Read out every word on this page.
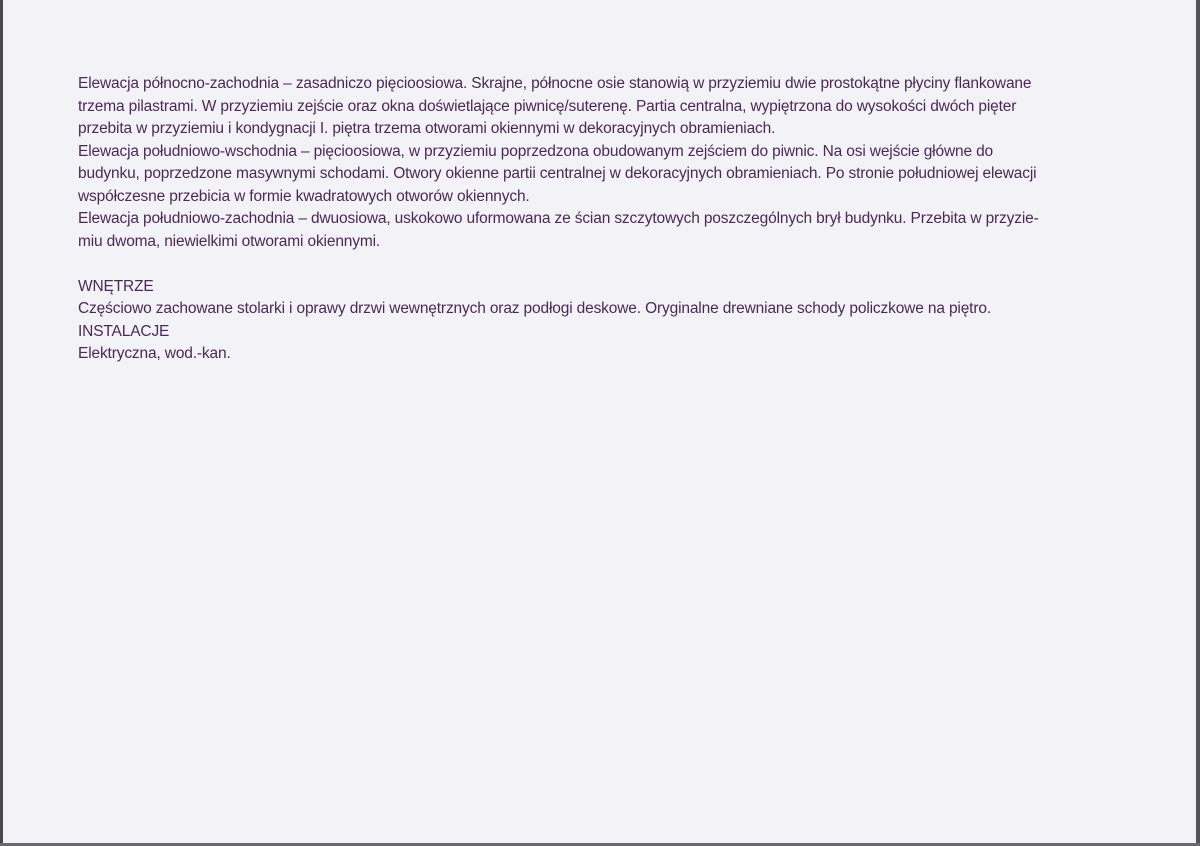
Elewacja północno-zachodnia – zasadniczo pięcioosiowa. Skrajne, północne osie stanowią w przyziemiu dwie prostokątne płyciny flankowane

trzema pilastrami. W przyziemiu zejście oraz okna doświetlające piwnicę/suterenę. Partia centralna, wypiętrzona do wysokości dwóch pięter

przebita w przyziemiu i kondygnacji I. piętra trzema otworami okiennymi w dekoracyjnych obramieniach.

Elewacja południowo-wschodnia – pięcioosiowa, w przyziemiu poprzedzona obudowanym zejściem do piwnic. Na osi wejście główne do

budynku, poprzedzone masywnymi schodami. Otwory okienne partii centralnej w dekoracyjnych obramieniach. Po stronie południowej elewacji

współczesne przebicia w formie kwadratowych otworów okiennych.

Elewacja południowo-zachodnia – dwuosiowa, uskokowo uformowana ze ścian szczytowych poszczególnych brył budynku. Przebita w przyzie-

miu dwoma, niewielkimi otworami okiennymi.

WNĘTRZE

Częściowo zachowane stolarki i oprawy drzwi wewnętrznych oraz podłogi deskowe. Oryginalne drewniane schody policzkowe na piętro.

INSTALACJE

Elektryczna, wod.-kan.
